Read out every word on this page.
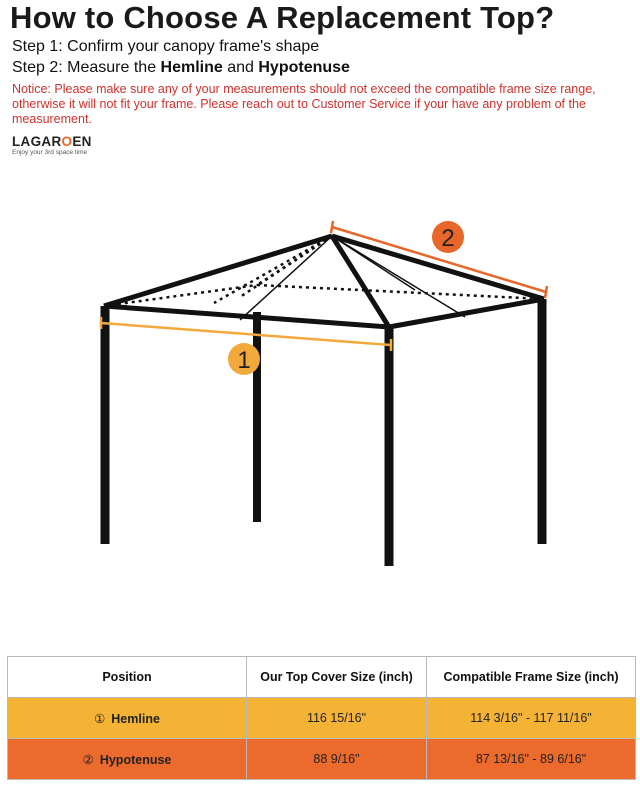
How to Choose A Replacement Top?
Step 1: Confirm your canopy frame's shape
Step 2: Measure the Hemline and Hypotenuse
Notice: Please make sure any of your measurements should not exceed the compatible frame size range, otherwise it will not fit your frame. Please reach out to Customer Service if your have any problem of the measurement.
LAGAROEN
Enjoy your 3rd space time
1
2
Position	Our Top Cover Size (inch)	Compatible Frame Size (inch)
① Hemline	116 15/16"	114 3/16" - 117 11/16"
② Hypotenuse	88 9/16"	87 13/16" - 89 6/16"
